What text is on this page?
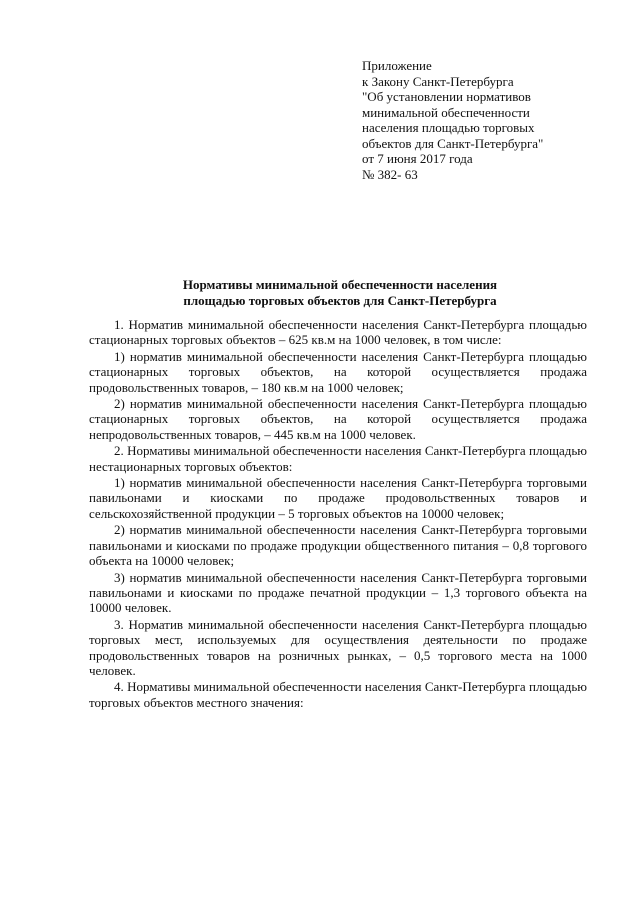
Приложение
к Закону Санкт-Петербурга
"Об установлении нормативов
минимальной обеспеченности
населения площадью торговых
объектов для Санкт-Петербурга"
от 7 июня 2017 года
№ 382- 63
Нормативы минимальной обеспеченности населения
площадью торговых объектов для Санкт-Петербурга

1. Норматив минимальной обеспеченности населения Санкт-Петербурга площадью стационарных торговых объектов – 625 кв.м на 1000 человек, в том числе:

1) норматив минимальной обеспеченности населения Санкт-Петербурга площадью стационарных торговых объектов, на которой осуществляется продажа продовольственных товаров, – 180 кв.м на 1000 человек;

2) норматив минимальной обеспеченности населения Санкт-Петербурга площадью стационарных торговых объектов, на которой осуществляется продажа непродовольственных товаров, – 445 кв.м на 1000 человек.

2. Нормативы минимальной обеспеченности населения Санкт-Петербурга площадью нестационарных торговых объектов:

1) норматив минимальной обеспеченности населения Санкт-Петербурга торговыми павильонами и киосками по продаже продовольственных товаров и сельскохозяйственной продукции – 5 торговых объектов на 10000 человек;

2) норматив минимальной обеспеченности населения Санкт-Петербурга торговыми павильонами и киосками по продаже продукции общественного питания – 0,8 торгового объекта на 10000 человек;

3) норматив минимальной обеспеченности населения Санкт-Петербурга торговыми павильонами и киосками по продаже печатной продукции – 1,3 торгового объекта на 10000 человек.

3. Норматив минимальной обеспеченности населения Санкт-Петербурга площадью торговых мест, используемых для осуществления деятельности по продаже продовольственных товаров на розничных рынках, – 0,5 торгового места на 1000 человек.

4. Нормативы минимальной обеспеченности населения Санкт-Петербурга площадью торговых объектов местного значения:
